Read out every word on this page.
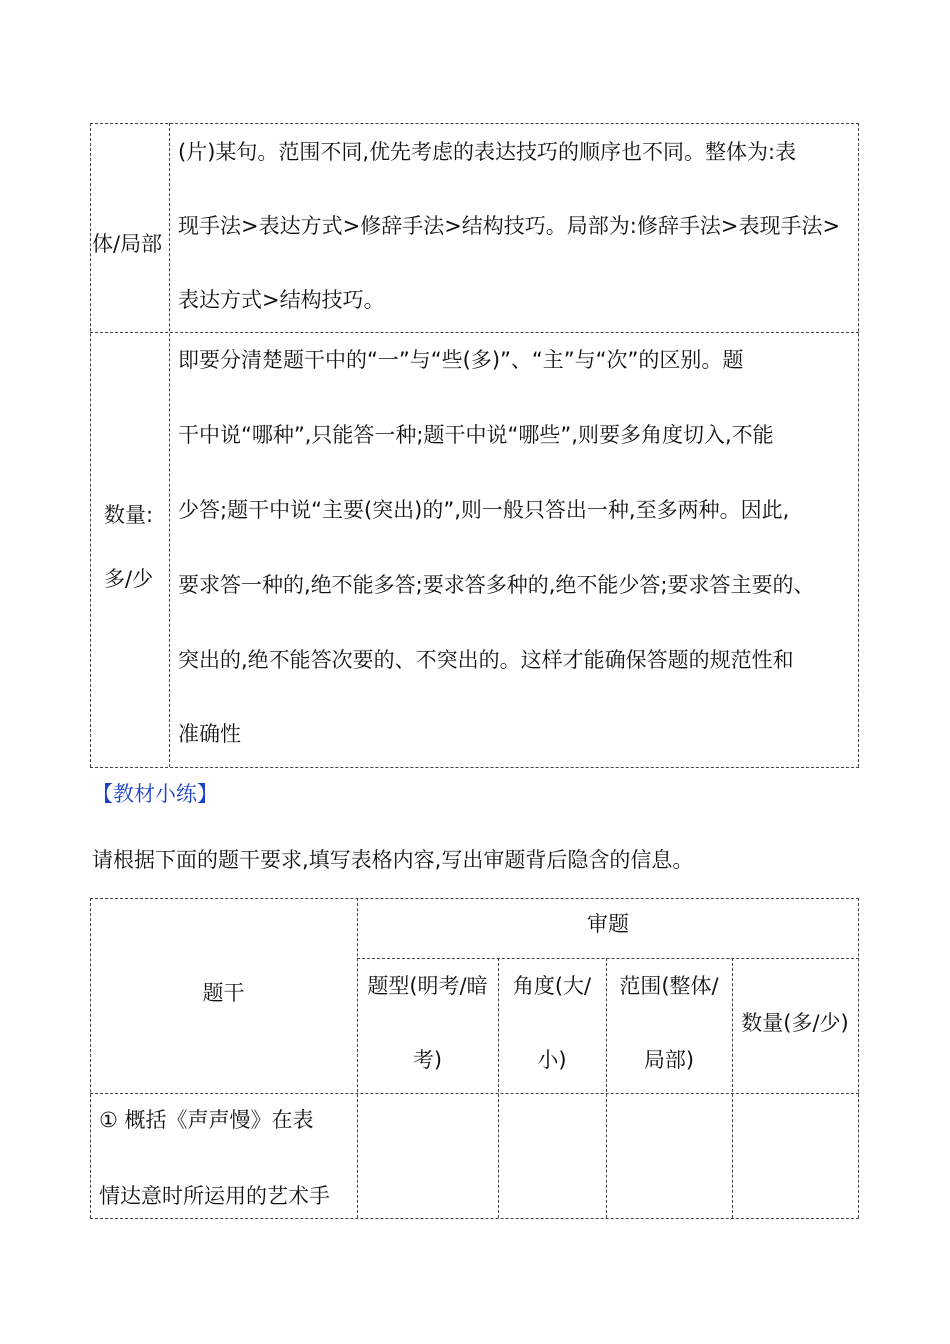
体/局部
(片)某句。范围不同,优先考虑的表达技巧的顺序也不同。整体为:表
现手法>表达方式>修辞手法>结构技巧。局部为:修辞手法>表现手法>
表达方式>结构技巧。
数量:
多/少
即要分清楚题干中的“一”与“些(多)”、“主”与“次”的区别。题
干中说“哪种”,只能答一种;题干中说“哪些”,则要多角度切入,不能
少答;题干中说“主要(突出)的”,则一般只答出一种,至多两种。因此,
要求答一种的,绝不能多答;要求答多种的,绝不能少答;要求答主要的、
突出的,绝不能答次要的、不突出的。这样才能确保答题的规范性和
准确性
【教材小练】
请根据下面的题干要求,填写表格内容,写出审题背后隐含的信息。
题干
审题
题型(明考/暗
考)
角度(大/
小)
范围(整体/
局部)
数量(多/少)
① 概括《声声慢》在表
情达意时所运用的艺术手
